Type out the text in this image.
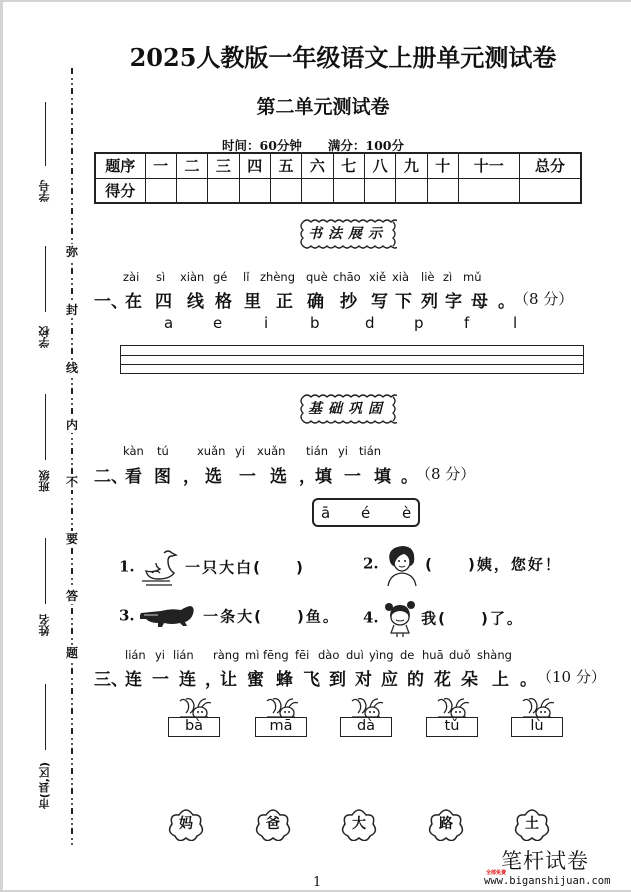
学号
学校
班级
姓名
市(县,区)
弥
封
线
内
不
要
答
题
2025人教版一年级语文上册单元测试卷
第二单元测试卷
时间：60分钟 满分：100分
题序	一	二	三	四	五	六	七	八	九	十	十一	总分
得分												
书法展示
zài sì xiàn gé lǐ zhèng què chāo xiě xià liè zì mǔ
一、
在 四 线 格 里 正 确 抄 写 下 列 字 母 。 （8 分）
a	e	i	b	d	p	f	l
基础巩固
kàn tú xuǎn yi xuǎn tián yi tián
二、
看 图 ， 选 一 选 ， 填 一 填 。
（8 分）
ā é è
1.	一只大白(　　)	2.	(　　)姨，您好！
3.	一条大(　　)鱼。 4.	我(　　)了。
lián yi lián ràng mì fēng fēi dào duì yìng de huā duǒ shàng
三、
连 一 连 ，
让 蜜 蜂 飞 到 对 应 的 花 朵 上 。 （10 分）
bà	mā	dà	tǔ	lù
妈	爸	大	路	土
1
笔杆试卷
全部免费
www.biganshijuan.com
